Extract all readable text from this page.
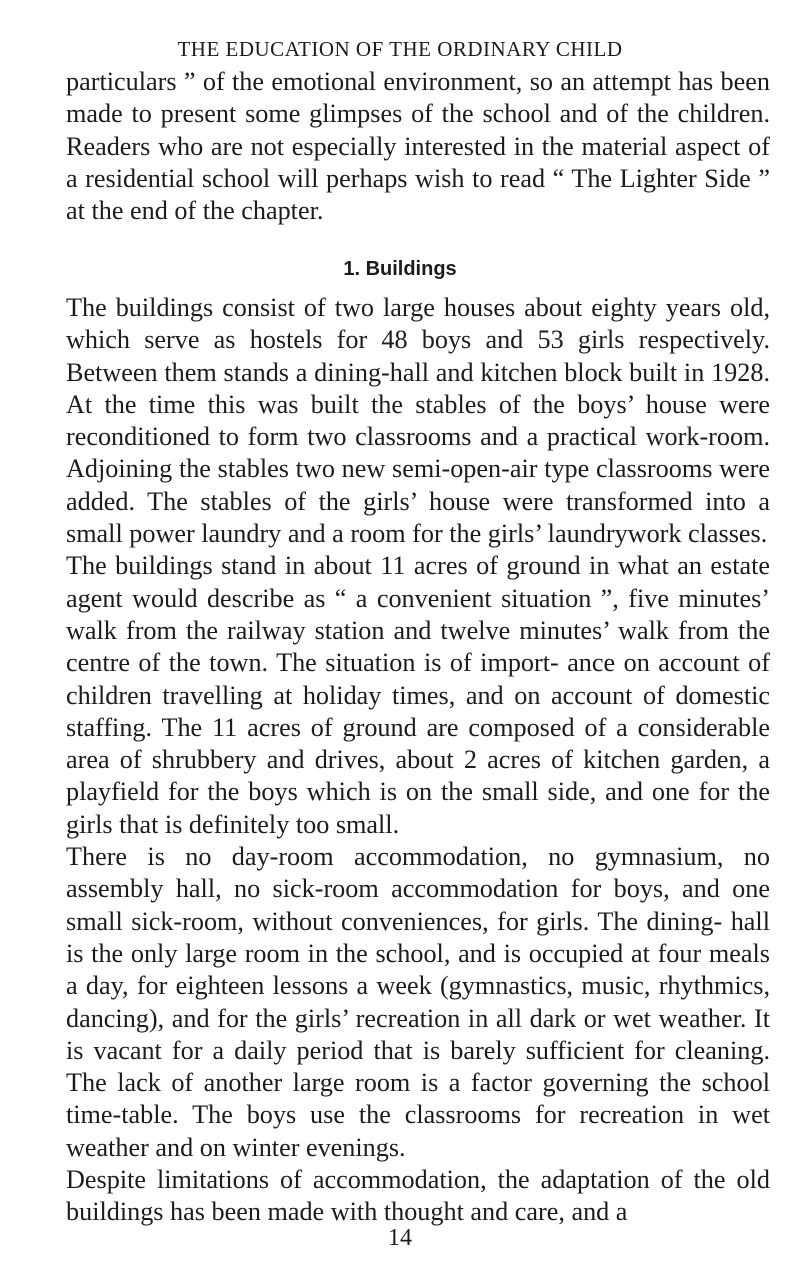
THE EDUCATION OF THE ORDINARY CHILD

particulars ” of the emotional environment, so an attempt has been made to present some glimpses of the school and of the children. Readers who are not especially interested in the material aspect of a residential school will perhaps wish to read “ The Lighter Side ” at the end of the chapter.

1. Buildings

The buildings consist of two large houses about eighty years old, which serve as hostels for 48 boys and 53 girls respectively. Between them stands a dining-hall and kitchen block built in 1928. At the time this was built the stables of the boys’ house were reconditioned to form two classrooms and a practical work-room. Adjoining the stables two new semi-open-air type classrooms were added. The stables of the girls’ house were transformed into a small power laundry and a room for the girls’ laundrywork classes.

The buildings stand in about 11 acres of ground in what an estate agent would describe as “ a convenient situation ”, five minutes’ walk from the railway station and twelve minutes’ walk from the centre of the town. The situation is of import- ance on account of children travelling at holiday times, and on account of domestic staffing. The 11 acres of ground are composed of a considerable area of shrubbery and drives, about 2 acres of kitchen garden, a playfield for the boys which is on the small side, and one for the girls that is definitely too small.

There is no day-room accommodation, no gymnasium, no assembly hall, no sick-room accommodation for boys, and one small sick-room, without conveniences, for girls. The dining- hall is the only large room in the school, and is occupied at four meals a day, for eighteen lessons a week (gymnastics, music, rhythmics, dancing), and for the girls’ recreation in all dark or wet weather. It is vacant for a daily period that is barely sufficient for cleaning. The lack of another large room is a factor governing the school time-table. The boys use the classrooms for recreation in wet weather and on winter evenings.

Despite limitations of accommodation, the adaptation of the old buildings has been made with thought and care, and a

14
